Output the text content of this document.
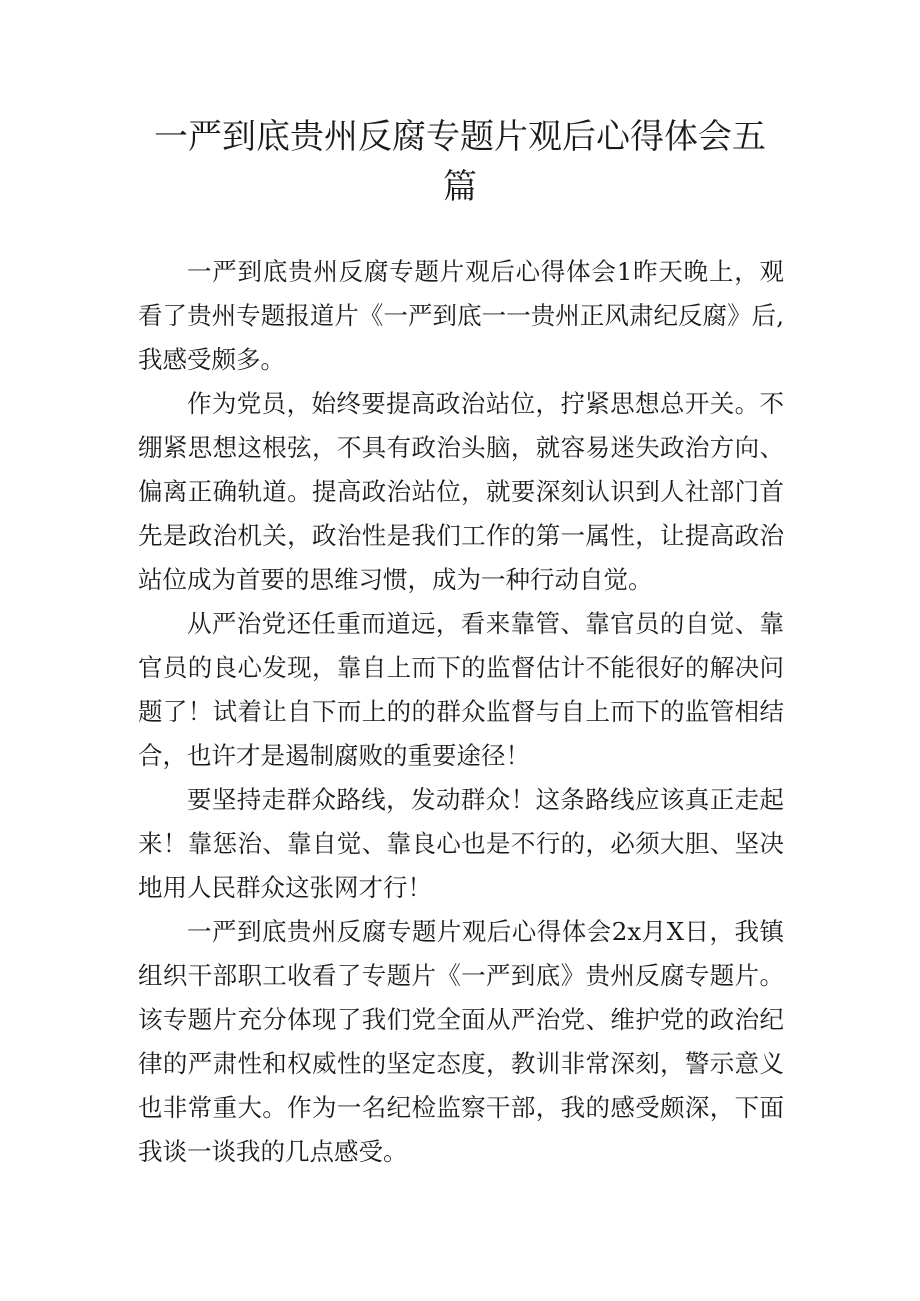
一严到底贵州反腐专题片观后心得体会五篇

一严到底贵州反腐专题片观后心得体会1昨天晚上，观看了贵州专题报道片《一严到底一一贵州正风肃纪反腐》后,我感受颇多。

作为党员，始终要提高政治站位，拧紧思想总开关。不绷紧思想这根弦，不具有政治头脑，就容易迷失政治方向、偏离正确轨道。提高政治站位，就要深刻认识到人社部门首先是政治机关，政治性是我们工作的第一属性，让提高政治站位成为首要的思维习惯，成为一种行动自觉。

从严治党还任重而道远，看来靠管、靠官员的自觉、靠官员的良心发现，靠自上而下的监督估计不能很好的解决问题了！试着让自下而上的的群众监督与自上而下的监管相结合，也许才是遏制腐败的重要途径！

要坚持走群众路线，发动群众！这条路线应该真正走起来！靠惩治、靠自觉、靠良心也是不行的，必须大胆、坚决地用人民群众这张网才行！

一严到底贵州反腐专题片观后心得体会2x月X日，我镇组织干部职工收看了专题片《一严到底》贵州反腐专题片。该专题片充分体现了我们党全面从严治党、维护党的政治纪律的严肃性和权威性的坚定态度，教训非常深刻，警示意义也非常重大。作为一名纪检监察干部，我的感受颇深，下面我谈一谈我的几点感受。
